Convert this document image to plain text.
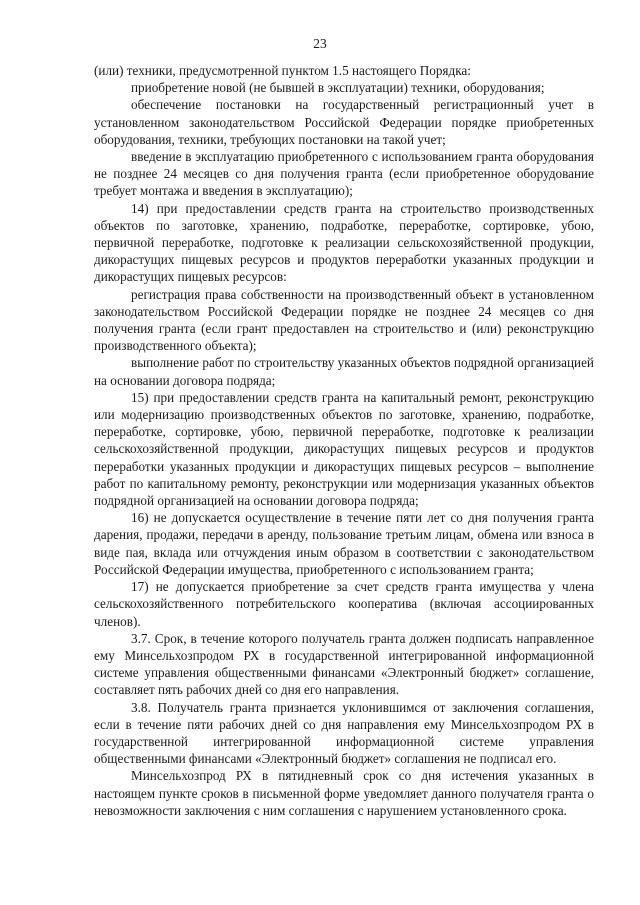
23

(или) техники, предусмотренной пунктом 1.5 настоящего Порядка:

приобретение новой (не бывшей в эксплуатации) техники, оборудования;

обеспечение постановки на государственный регистрационный учет в установленном законодательством Российской Федерации порядке приобретенных оборудования, техники, требующих постановки на такой учет;

введение в эксплуатацию приобретенного с использованием гранта оборудования не позднее 24 месяцев со дня получения гранта (если приобретенное оборудование требует монтажа и введения в эксплуатацию);

14) при предоставлении средств гранта на строительство производственных объектов по заготовке, хранению, подработке, переработке, сортировке, убою, первичной переработке, подготовке к реализации сельскохозяйственной продукции, дикорастущих пищевых ресурсов и продуктов переработки указанных продукции и дикорастущих пищевых ресурсов:

регистрация права собственности на производственный объект в установленном законодательством Российской Федерации порядке не позднее 24 месяцев со дня получения гранта (если грант предоставлен на строительство и (или) реконструкцию производственного объекта);

выполнение работ по строительству указанных объектов подрядной организацией на основании договора подряда;

15) при предоставлении средств гранта на капитальный ремонт, реконструкцию или модернизацию производственных объектов по заготовке, хранению, подработке, переработке, сортировке, убою, первичной переработке, подготовке к реализации сельскохозяйственной продукции, дикорастущих пищевых ресурсов и продуктов переработки указанных продукции и дикорастущих пищевых ресурсов – выполнение работ по капитальному ремонту, реконструкции или модернизация указанных объектов подрядной организацией на основании договора подряда;

16) не допускается осуществление в течение пяти лет со дня получения гранта дарения, продажи, передачи в аренду, пользование третьим лицам, обмена или взноса в виде пая, вклада или отчуждения иным образом в соответствии с законодательством Российской Федерации имущества, приобретенного с использованием гранта;

17) не допускается приобретение за счет средств гранта имущества у члена сельскохозяйственного потребительского кооператива (включая ассоциированных членов).

3.7. Срок, в течение которого получатель гранта должен подписать направленное ему Минсельхозпродом РХ в государственной интегрированной информационной системе управления общественными финансами «Электронный бюджет» соглашение, составляет пять рабочих дней со дня его направления.

3.8. Получатель гранта признается уклонившимся от заключения соглашения, если в течение пяти рабочих дней со дня направления ему Минсельхозпродом РХ в государственной интегрированной информационной системе управления общественными финансами «Электронный бюджет» соглашения не подписал его.

Минсельхозпрод РХ в пятидневный срок со дня истечения указанных в настоящем пункте сроков в письменной форме уведомляет данного получателя гранта о невозможности заключения с ним соглашения с нарушением установленного срока.
